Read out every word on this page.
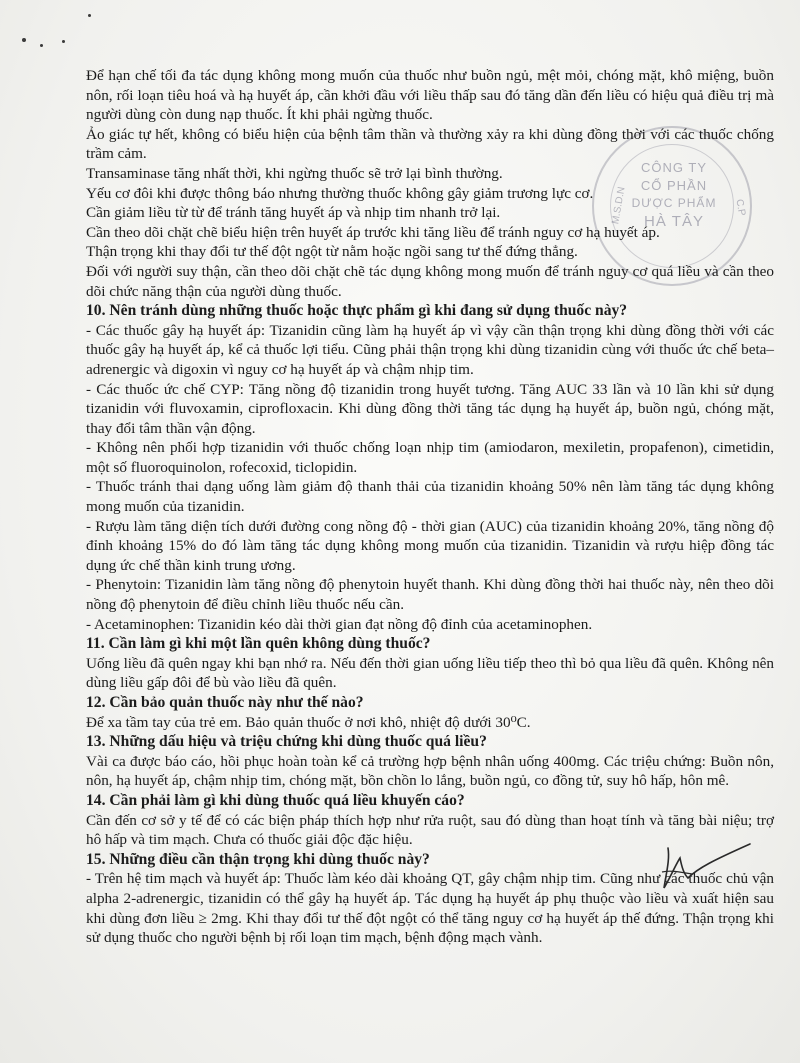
M.S.D.N	C.P
CÔNG TY
CỔ PHẦN
DƯỢC PHẨM
HÀ TÂY

Để hạn chế tối đa tác dụng không mong muốn của thuốc như buồn ngủ, mệt mỏi, chóng mặt, khô miệng, buồn nôn, rối loạn tiêu hoá và hạ huyết áp, cần khởi đầu với liều thấp sau đó tăng dần đến liều có hiệu quả điều trị mà người dùng còn dung nạp thuốc. Ít khi phải ngừng thuốc.

Ảo giác tự hết, không có biểu hiện của bệnh tâm thần và thường xảy ra khi dùng đồng thời với các thuốc chống trầm cảm.

Transaminase tăng nhất thời, khi ngừng thuốc sẽ trở lại bình thường.

Yếu cơ đôi khi được thông báo nhưng thường thuốc không gây giảm trương lực cơ.

Cần giảm liều từ từ để tránh tăng huyết áp và nhịp tim nhanh trở lại.

Cần theo dõi chặt chẽ biểu hiện trên huyết áp trước khi tăng liều để tránh nguy cơ hạ huyết áp.

Thận trọng khi thay đổi tư thế đột ngột từ nằm hoặc ngồi sang tư thế đứng thẳng.

Đối với người suy thận, cần theo dõi chặt chẽ tác dụng không mong muốn để tránh nguy cơ quá liều và cần theo dõi chức năng thận của người dùng thuốc.

10. Nên tránh dùng những thuốc hoặc thực phẩm gì khi đang sử dụng thuốc này?

- Các thuốc gây hạ huyết áp: Tizanidin cũng làm hạ huyết áp vì vậy cần thận trọng khi dùng đồng thời với các thuốc gây hạ huyết áp, kể cả thuốc lợi tiểu. Cũng phải thận trọng khi dùng tizanidin cùng với thuốc ức chế beta–adrenergic và digoxin vì nguy cơ hạ huyết áp và chậm nhịp tim.

- Các thuốc ức chế CYP: Tăng nồng độ tizanidin trong huyết tương. Tăng AUC 33 lần và 10 lần khi sử dụng tizanidin với fluvoxamin, ciprofloxacin. Khi dùng đồng thời tăng tác dụng hạ huyết áp, buồn ngủ, chóng mặt, thay đổi tâm thần vận động.

- Không nên phối hợp tizanidin với thuốc chống loạn nhịp tim (amiodaron, mexiletin, propafenon), cimetidin, một số fluoroquinolon, rofecoxid, ticlopidin.

- Thuốc tránh thai dạng uống làm giảm độ thanh thải của tizanidin khoảng 50% nên làm tăng tác dụng không mong muốn của tizanidin.

- Rượu làm tăng diện tích dưới đường cong nồng độ - thời gian (AUC) của tizanidin khoảng 20%, tăng nồng độ đỉnh khoảng 15% do đó làm tăng tác dụng không mong muốn của tizanidin. Tizanidin và rượu hiệp đồng tác dụng ức chế thần kinh trung ương.

- Phenytoin: Tizanidin làm tăng nồng độ phenytoin huyết thanh. Khi dùng đồng thời hai thuốc này, nên theo dõi nồng độ phenytoin để điều chỉnh liều thuốc nếu cần.

- Acetaminophen: Tizanidin kéo dài thời gian đạt nồng độ đỉnh của acetaminophen.

11. Cần làm gì khi một lần quên không dùng thuốc?

Uống liều đã quên ngay khi bạn nhớ ra. Nếu đến thời gian uống liều tiếp theo thì bỏ qua liều đã quên. Không nên dùng liều gấp đôi để bù vào liều đã quên.

12. Cần bảo quản thuốc này như thế nào?

Để xa tầm tay của trẻ em. Bảo quản thuốc ở nơi khô, nhiệt độ dưới 30⁰C.

13. Những dấu hiệu và triệu chứng khi dùng thuốc quá liều?

Vài ca được báo cáo, hồi phục hoàn toàn kể cả trường hợp bệnh nhân uống 400mg. Các triệu chứng: Buồn nôn, nôn, hạ huyết áp, chậm nhịp tim, chóng mặt, bồn chồn lo lắng, buồn ngủ, co đồng tử, suy hô hấp, hôn mê.

14. Cần phải làm gì khi dùng thuốc quá liều khuyến cáo?

Cần đến cơ sở y tế để có các biện pháp thích hợp như rửa ruột, sau đó dùng than hoạt tính và tăng bài niệu; trợ hô hấp và tim mạch. Chưa có thuốc giải độc đặc hiệu.

15. Những điều cần thận trọng khi dùng thuốc này?

- Trên hệ tim mạch và huyết áp: Thuốc làm kéo dài khoảng QT, gây chậm nhịp tim. Cũng như các thuốc chủ vận alpha 2-adrenergic, tizanidin có thể gây hạ huyết áp. Tác dụng hạ huyết áp phụ thuộc vào liều và xuất hiện sau khi dùng đơn liều ≥ 2mg. Khi thay đổi tư thế đột ngột có thể tăng nguy cơ hạ huyết áp thế đứng. Thận trọng khi sử dụng thuốc cho người bệnh bị rối loạn tim mạch, bệnh động mạch vành.
